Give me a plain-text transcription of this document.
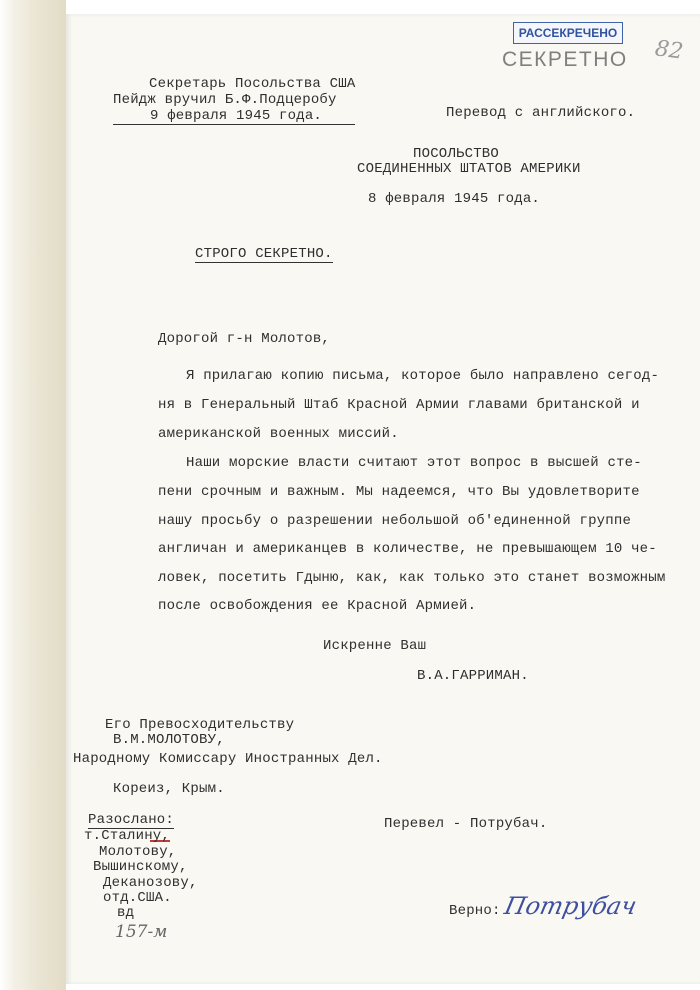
РАССЕКРЕЧЕНО
СЕКРЕТНО 82
Секретарь Посольства США
Пейдж вручил Б.Ф.Подцеробу
9 февраля 1945 года.	Перевод с английского.
ПОСОЛЬСТВО
СОЕДИНЕННЫХ ШТАТОВ АМЕРИКИ
8 февраля 1945 года.
СТРОГО СЕКРЕТНО.
Дорогой г-н Молотов,
Я прилагаю копию письма, которое было направлено сегод-
ня в Генеральный Штаб Красной Армии главами британской и
американской военных миссий.
Наши морские власти считают этот вопрос в высшей сте-
пени срочным и важным. Мы надеемся, что Вы удовлетворите
нашу просьбу о разрешении небольшой об'единенной группе
англичан и американцев в количестве, не превышающем 10 че-
ловек, посетить Гдыню, как, как только это станет возможным
после освобождения ее Красной Армией.
Искренне Ваш
В.А.ГАРРИМАН.
Его Превосходительству
В.М.МОЛОТОВУ,
Народному Комиссару Иностранных Дел.
Кореиз, Крым.
Перевел - Потрубач.
Разослано:
т.Сталину,
Молотову,
Вышинскому,
Деканозову,
отд.США.
вд
157-м
Верно: Потрубач
